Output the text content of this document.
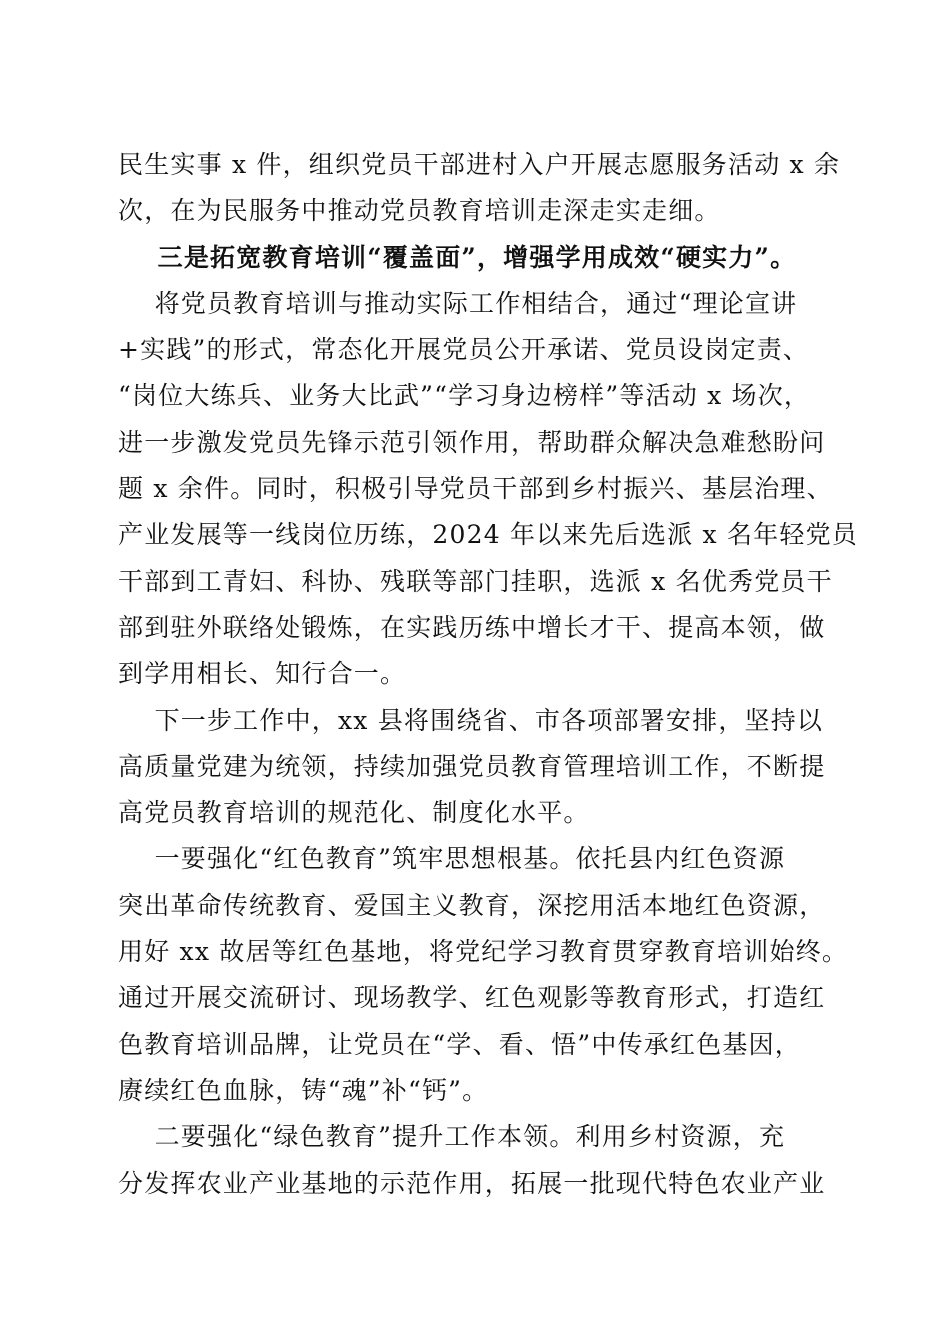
民生实事 x 件，组织党员干部进村入户开展志愿服务活动 x 余
次，在为民服务中推动党员教育培训走深走实走细。
三是拓宽教育培训“覆盖面”，增强学用成效“硬实力”。
将党员教育培训与推动实际工作相结合，通过“理论宣讲
+实践”的形式，常态化开展党员公开承诺、党员设岗定责、
“岗位大练兵、业务大比武”“学习身边榜样”等活动 x 场次，
进一步激发党员先锋示范引领作用，帮助群众解决急难愁盼问
题 x 余件。同时，积极引导党员干部到乡村振兴、基层治理、
产业发展等一线岗位历练，2024 年以来先后选派 x 名年轻党员
干部到工青妇、科协、残联等部门挂职，选派 x 名优秀党员干
部到驻外联络处锻炼，在实践历练中增长才干、提高本领，做
到学用相长、知行合一。
下一步工作中，xx 县将围绕省、市各项部署安排，坚持以
高质量党建为统领，持续加强党员教育管理培训工作，不断提
高党员教育培训的规范化、制度化水平。
一要强化“红色教育”筑牢思想根基。依托县内红色资源
突出革命传统教育、爱国主义教育，深挖用活本地红色资源，
用好 xx 故居等红色基地，将党纪学习教育贯穿教育培训始终。
通过开展交流研讨、现场教学、红色观影等教育形式，打造红
色教育培训品牌，让党员在“学、看、悟”中传承红色基因，
赓续红色血脉，铸“魂”补“钙”。
二要强化“绿色教育”提升工作本领。利用乡村资源，充
分发挥农业产业基地的示范作用，拓展一批现代特色农业产业
